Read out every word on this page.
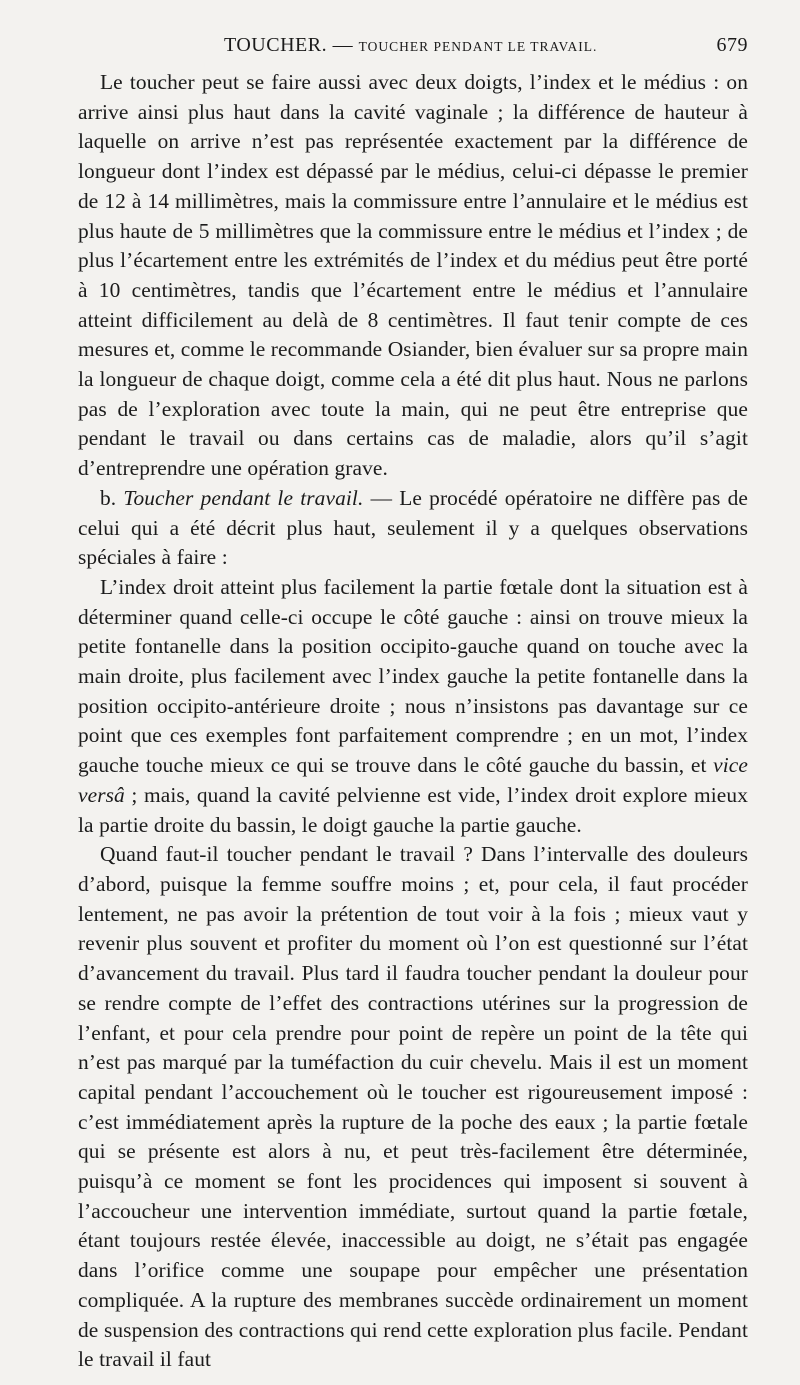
TOUCHER. — TOUCHER PENDANT LE TRAVAIL.	679

Le toucher peut se faire aussi avec deux doigts, l’index et le médius : on arrive ainsi plus haut dans la cavité vaginale ; la différence de hauteur à laquelle on arrive n’est pas représentée exactement par la différence de longueur dont l’index est dépassé par le médius, celui-ci dépasse le premier de 12 à 14 millimètres, mais la commissure entre l’annulaire et le médius est plus haute de 5 millimètres que la commissure entre le médius et l’index ; de plus l’écartement entre les extrémités de l’index et du médius peut être porté à 10 centimètres, tandis que l’écartement entre le médius et l’annulaire atteint difficilement au delà de 8 centimètres. Il faut tenir compte de ces mesures et, comme le recommande Osiander, bien évaluer sur sa propre main la longueur de chaque doigt, comme cela a été dit plus haut. Nous ne parlons pas de l’exploration avec toute la main, qui ne peut être entreprise que pendant le travail ou dans certains cas de maladie, alors qu’il s’agit d’entreprendre une opération grave.

b. Toucher pendant le travail. — Le procédé opératoire ne diffère pas de celui qui a été décrit plus haut, seulement il y a quelques observations spéciales à faire :

L’index droit atteint plus facilement la partie fœtale dont la situation est à déterminer quand celle-ci occupe le côté gauche : ainsi on trouve mieux la petite fontanelle dans la position occipito-gauche quand on touche avec la main droite, plus facilement avec l’index gauche la petite fontanelle dans la position occipito-antérieure droite ; nous n’insistons pas davantage sur ce point que ces exemples font parfaitement comprendre ; en un mot, l’index gauche touche mieux ce qui se trouve dans le côté gauche du bassin, et vice versâ ; mais, quand la cavité pelvienne est vide, l’index droit explore mieux la partie droite du bassin, le doigt gauche la partie gauche.

Quand faut-il toucher pendant le travail ? Dans l’intervalle des douleurs d’abord, puisque la femme souffre moins ; et, pour cela, il faut procéder lentement, ne pas avoir la prétention de tout voir à la fois ; mieux vaut y revenir plus souvent et profiter du moment où l’on est questionné sur l’état d’avancement du travail. Plus tard il faudra toucher pendant la douleur pour se rendre compte de l’effet des contractions utérines sur la progression de l’enfant, et pour cela prendre pour point de repère un point de la tête qui n’est pas marqué par la tuméfaction du cuir chevelu. Mais il est un moment capital pendant l’accouchement où le toucher est rigoureusement imposé : c’est immédiatement après la rupture de la poche des eaux ; la partie fœtale qui se présente est alors à nu, et peut très-facilement être déterminée, puisqu’à ce moment se font les procidences qui imposent si souvent à l’accoucheur une intervention immédiate, surtout quand la partie fœtale, étant toujours restée élevée, inaccessible au doigt, ne s’était pas engagée dans l’orifice comme une soupape pour empêcher une présentation compliquée. A la rupture des membranes succède ordinairement un moment de suspension des contractions qui rend cette exploration plus facile. Pendant le travail il faut
